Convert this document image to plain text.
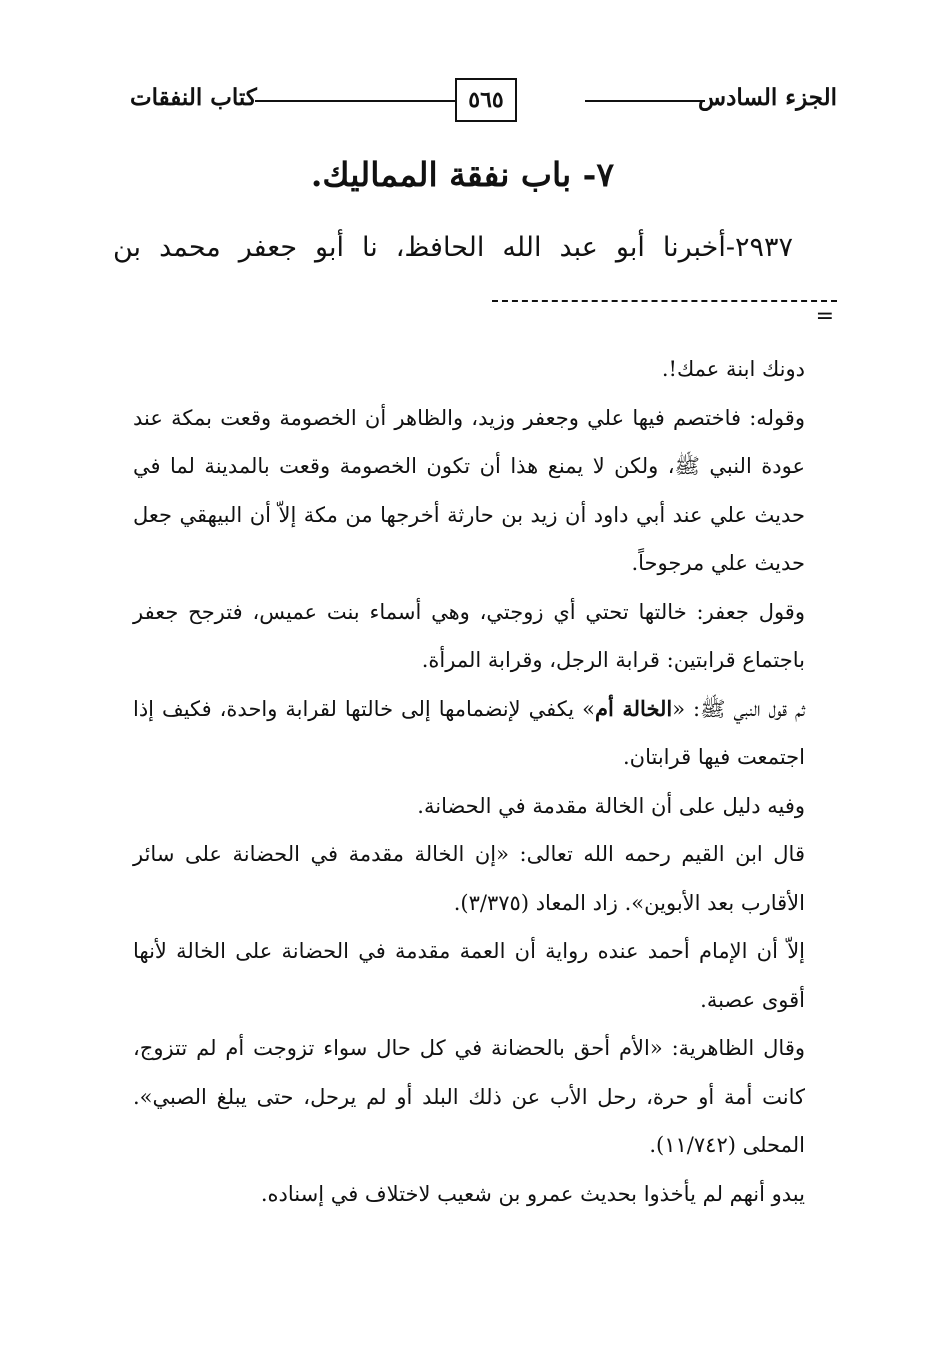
الجزء السادس
٥٦٥
كتاب النفقات
٧- باب نفقة المماليك.
٢٩٣٧-أخبرنا أبو عبد الله الحافظ، نا أبو جعفر محمد بن
=

دونك ابنة عمك!.

وقوله: فاختصم فيها علي وجعفر وزيد، والظاهر أن الخصومة وقعت بمكة عند عودة النبي ﷺ، ولكن لا يمنع هذا أن تكون الخصومة وقعت بالمدينة لما في حديث علي عند أبي داود أن زيد بن حارثة أخرجها من مكة إلاّ أن البيهقي جعل حديث علي مرجوحاً.

وقول جعفر: خالتها تحتي أي زوجتي، وهي أسماء بنت عميس، فترجح جعفر باجتماع قرابتين: قرابة الرجل، وقرابة المرأة.

ثم قول النبي ﷺ: «الخالة أم» يكفي لإنضمامها إلى خالتها لقرابة واحدة، فكيف إذا اجتمعت فيها قرابتان.

وفيه دليل على أن الخالة مقدمة في الحضانة.

قال ابن القيم رحمه الله تعالى: «إن الخالة مقدمة في الحضانة على سائر الأقارب بعد الأبوين». زاد المعاد (٣/٣٧٥).

إلاّ أن الإمام أحمد عنده رواية أن العمة مقدمة في الحضانة على الخالة لأنها أقوى عصبة.

وقال الظاهرية: «الأم أحق بالحضانة في كل حال سواء تزوجت أم لم تتزوج، كانت أمة أو حرة، رحل الأب عن ذلك البلد أو لم يرحل، حتى يبلغ الصبي». المحلى (١١/٧٤٢).

يبدو أنهم لم يأخذوا بحديث عمرو بن شعيب لاختلاف في إسناده.
